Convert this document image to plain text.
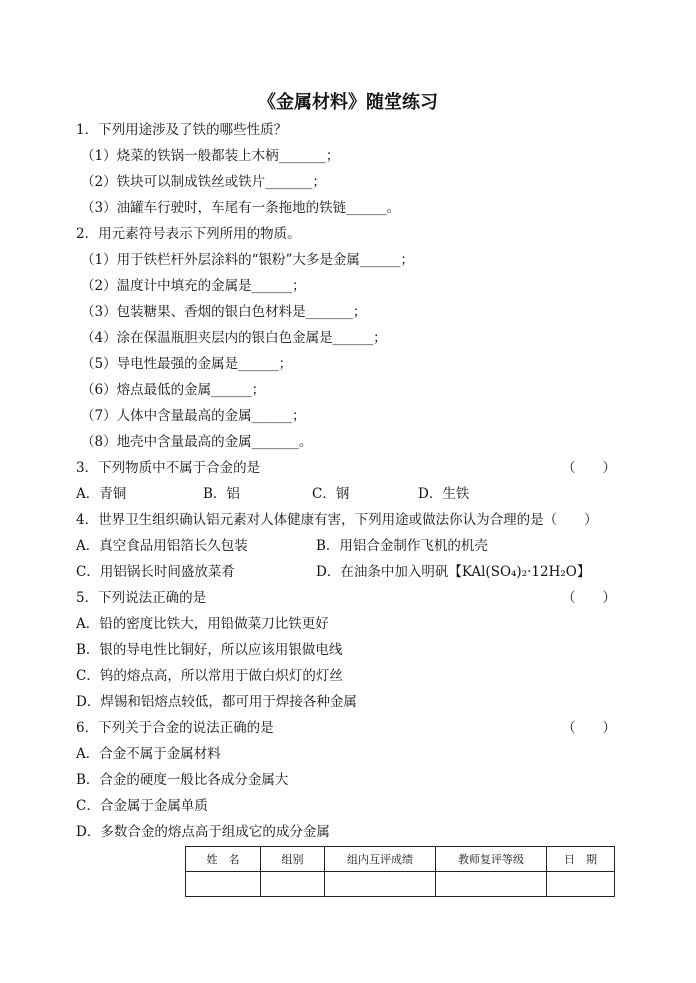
《金属材料》随堂练习
1．下列用途涉及了铁的哪些性质？
（1）烧菜的铁锅一般都装上木柄_______；
（2）铁块可以制成铁丝或铁片_______；
（3）油罐车行驶时，车尾有一条拖地的铁链______。
2．用元素符号表示下列所用的物质。
（1）用于铁栏杆外层涂料的“银粉”大多是金属______；
（2）温度计中填充的金属是______；
（3）包装糖果、香烟的银白色材料是_______；
（4）涂在保温瓶胆夹层内的银白色金属是______；
（5）导电性最强的金属是______；
（6）熔点最低的金属______；
（7）人体中含量最高的金属______；
（8）地壳中含量最高的金属_______。
3．下列物质中不属于合金的是	（　　）
A．青铜	B．铝	C．钢	D．生铁
4．世界卫生组织确认铝元素对人体健康有害，下列用途或做法你认为合理的是（　　）
A．真空食品用铝箔长久包装	B．用铝合金制作飞机的机壳
C．用铝锅长时间盛放菜肴	D．在油条中加入明矾【KAl(SO₄)₂·12H₂O】
5．下列说法正确的是	（　　）
A．铅的密度比铁大，用铅做菜刀比铁更好
B．银的导电性比铜好，所以应该用银做电线
C．钨的熔点高，所以常用于做白炽灯的灯丝
D．焊锡和铝熔点较低，都可用于焊接各种金属
6．下列关于合金的说法正确的是	（　　）
A．合金不属于金属材料
B．合金的硬度一般比各成分金属大
C．合金属于金属单质
D．多数合金的熔点高于组成它的成分金属
姓　名	组别	组内互评成绩	教师复评等级	日　期
